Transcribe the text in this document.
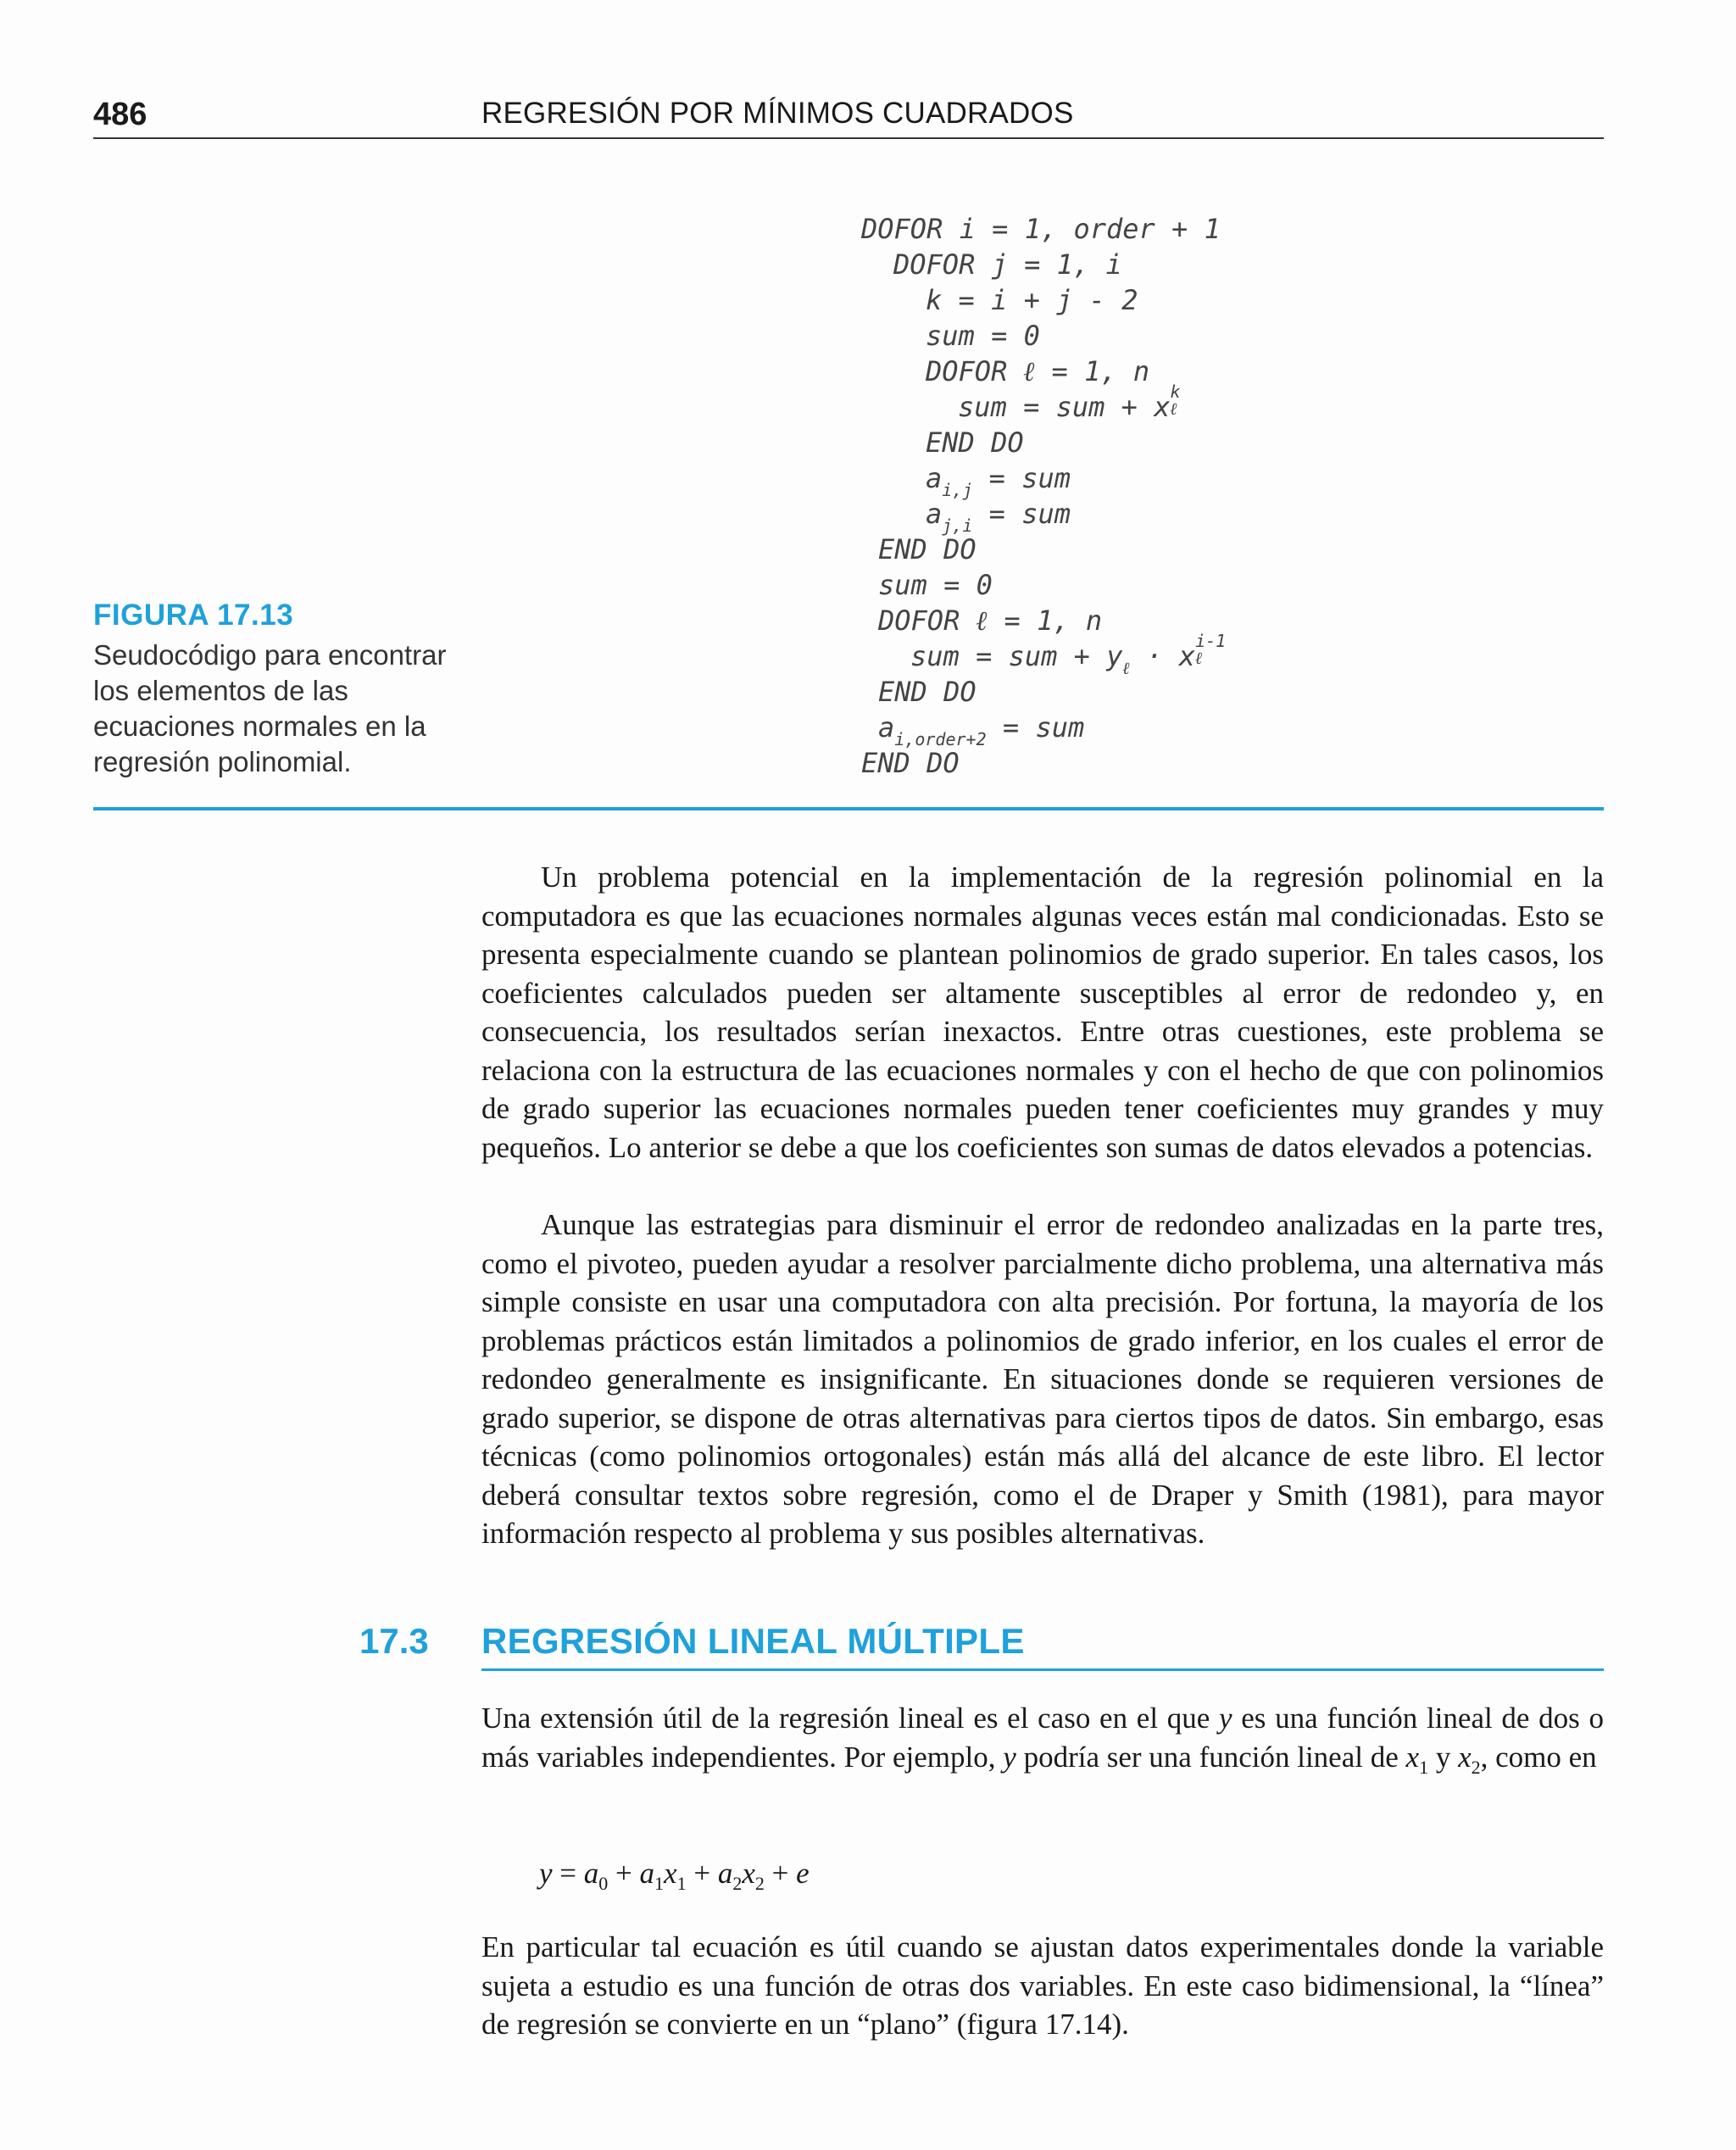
486	REGRESIÓN POR MÍNIMOS CUADRADOS
FIGURA 17.13
Seudocódigo para encontrar
los elementos de las
ecuaciones normales en la
regresión polinomial.
DOFOR i = 1, order + 1
DOFOR j = 1, i
k = i + j - 2
sum = 0
DOFOR ℓ = 1, n
sum = sum + x k
ℓ

END DO
$a_{i,j}$ = sum
$a_{j,i}$ = sum
END DO
sum = 0
DOFOR ℓ = 1, n
sum = sum + $y_\ell \cdot x$ i-1
ℓ

END DO
$a_{i,order+2}$ = sum
END DO

Un problema potencial en la implementación de la regresión polinomial en la computadora es que las ecuaciones normales algunas veces están mal condicionadas. Esto se presenta especialmente cuando se plantean polinomios de grado superior. En tales casos, los coeficientes calculados pueden ser altamente susceptibles al error de redondeo y, en consecuencia, los resultados serían inexactos. Entre otras cuestiones, este problema se relaciona con la estructura de las ecuaciones normales y con el hecho de que con polinomios de grado superior las ecuaciones normales pueden tener coeficientes muy grandes y muy pequeños. Lo anterior se debe a que los coeficientes son sumas de datos elevados a potencias.

Aunque las estrategias para disminuir el error de redondeo analizadas en la parte tres, como el pivoteo, pueden ayudar a resolver parcialmente dicho problema, una alternativa más simple consiste en usar una computadora con alta precisión. Por fortuna, la mayoría de los problemas prácticos están limitados a polinomios de grado inferior, en los cuales el error de redondeo generalmente es insignificante. En situaciones donde se requieren versiones de grado superior, se dispone de otras alternativas para ciertos tipos de datos. Sin embargo, esas técnicas (como polinomios ortogonales) están más allá del alcance de este libro. El lector deberá consultar textos sobre regresión, como el de Draper y Smith (1981), para mayor información respecto al problema y sus posibles alternativas.

17.3 REGRESIÓN LINEAL MÚLTIPLE

Una extensión útil de la regresión lineal es el caso en el que y es una función lineal de dos o más variables independientes. Por ejemplo, y podría ser una función lineal de $x_1$ y $x_2$, como en

$y = a_0 + a_1x_1 + a_2x_2 + e$

En particular tal ecuación es útil cuando se ajustan datos experimentales donde la variable sujeta a estudio es una función de otras dos variables. En este caso bidimensional, la “línea” de regresión se convierte en un “plano” (figura 17.14).
